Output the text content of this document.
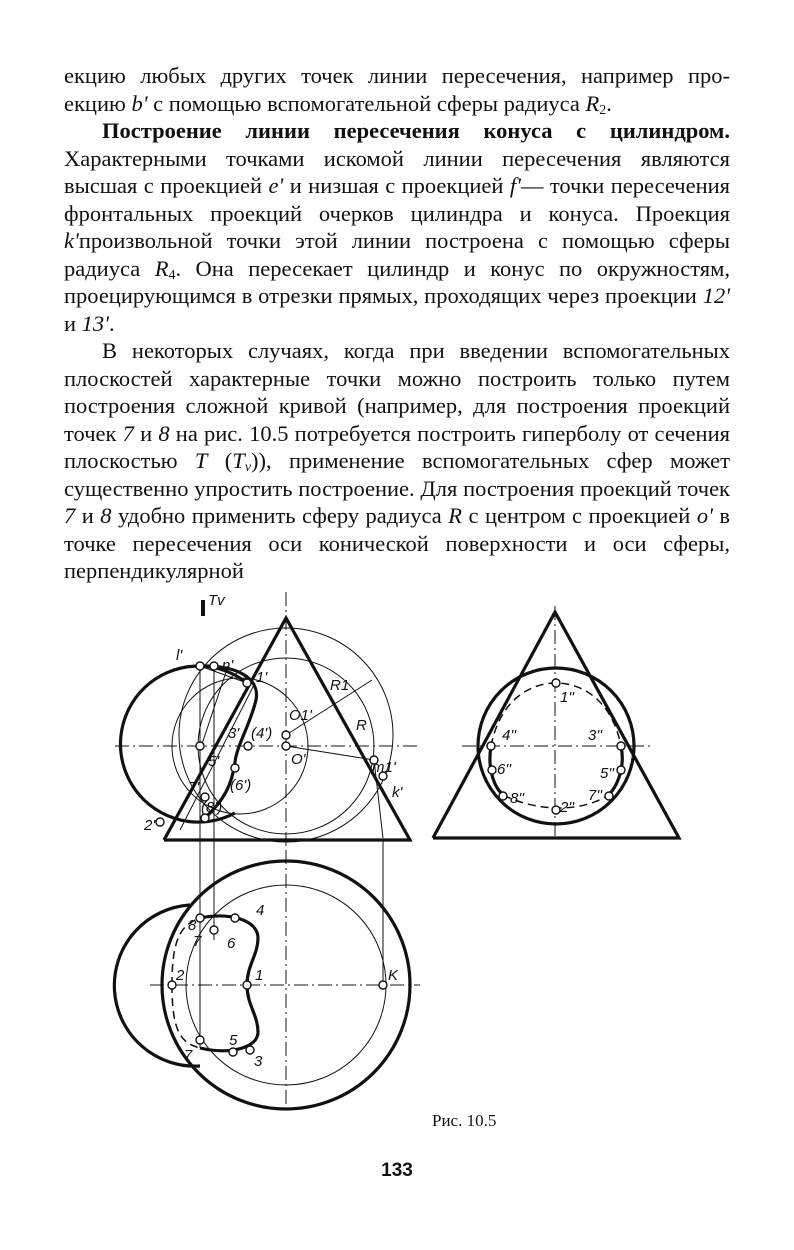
екцию любых других точек линии пересечения, например про- екцию b' с помощью вспомогательной сферы радиуса $R_2$.

Построение линии пересечения конуса с цилиндром. Характерными точками искомой линии пересечения являются высшая с проекцией e' и низшая с проекцией f'— точки пересечения фронтальных проекций очерков цилиндра и конуса. Проекция k'произвольной точки этой линии построена с помощью сферы радиуса $R_4$. Она пересекает цилиндр и конус по окружностям, проецирующимся в отрезки прямых, проходящих через проекции 12' и 13'.

В некоторых случаях, когда при введении вспомогательных плоскостей характерные точки можно построить только путем построения сложной кривой (например, для построения проекций точек 7 и 8 на рис. 10.5 потребуется построить гиперболу от сечения плоскостью T $(T_v)$), применение вспомогательных сфер может существенно упростить построение. Для построения проекций точек 7 и 8 удобно применить сферу радиуса R с центром с проекцией o' в точке пересечения оси конической поверхности и оси сферы, перпендикулярной

Tv
l'
n'
1'	R1
O1'
R
3' (4')
5'	O'
(6')
m1'
7'
(8')
k'
2'
1''
4''	3''
6''	5''
8''
2''
7''
4
8
7 6
2	1	K
5
7	3
Рис. 10.5
133
